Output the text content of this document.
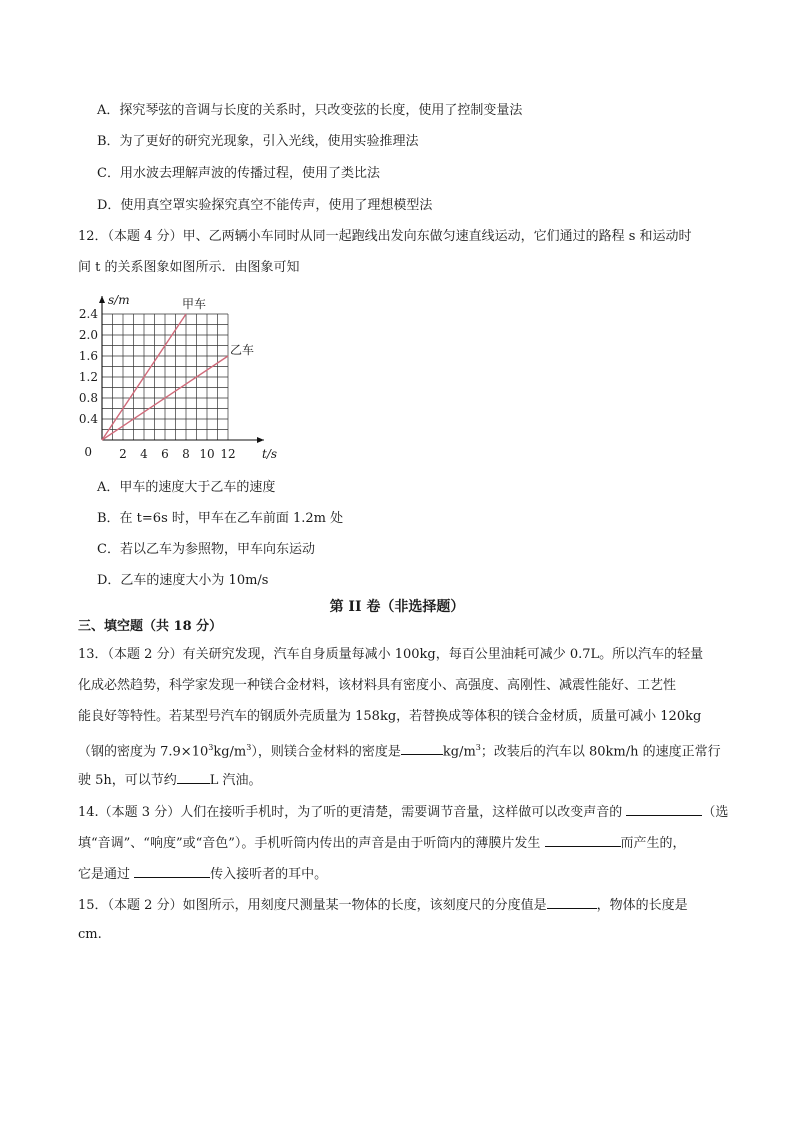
A．探究琴弦的音调与长度的关系时，只改变弦的长度，使用了控制变量法
B．为了更好的研究光现象，引入光线，使用实验推理法
C．用水波去理解声波的传播过程，使用了类比法
D．使用真空罩实验探究真空不能传声，使用了理想模型法
12．（本题 4 分）甲、乙两辆小车同时从同一起跑线出发向东做匀速直线运动，它们通过的路程 s 和运动时
间 t 的关系图象如图所示．由图象可知
2 4 6 8 10 12
0.4
0.8
1.2
1.6
2.0
2.4
0	t/s
s/m	甲车
乙车
A．甲车的速度大于乙车的速度
B．在 t=6s 时，甲车在乙车前面 1.2m 处
C．若以乙车为参照物，甲车向东运动
D．乙车的速度大小为 10m/s
第 II 卷（非选择题）
三、填空题（共 18 分）
13．（本题 2 分）有关研究发现，汽车自身质量每减小 100kg，每百公里油耗可减少 0.7L。所以汽车的轻量
化成必然趋势，科学家发现一种镁合金材料，该材料具有密度小、高强度、高刚性、减震性能好、工艺性
能良好等特性。若某型号汽车的钢质外壳质量为 158kg，若替换成等体积的镁合金材质，质量可减小 120kg
（钢的密度为 $7.9\times 10^3kg/m^3$），则镁合金材料的密度是	$kg/m^3$；改装后的汽车以 80km/h 的速度正常行
驶 5h，可以节约	L 汽油。
14.（本题 3 分）人们在接听手机时，为了听的更清楚，需要调节音量，这样做可以改变声音的	（选
填“音调”、“响度”或“音色”）。手机听筒内传出的声音是由于听筒内的薄膜片发生	而产生的，
它是通过	传入接听者的耳中。
15．（本题 2 分）如图所示，用刻度尺测量某一物体的长度，该刻度尺的分度值是	，物体的长度是
cm.
